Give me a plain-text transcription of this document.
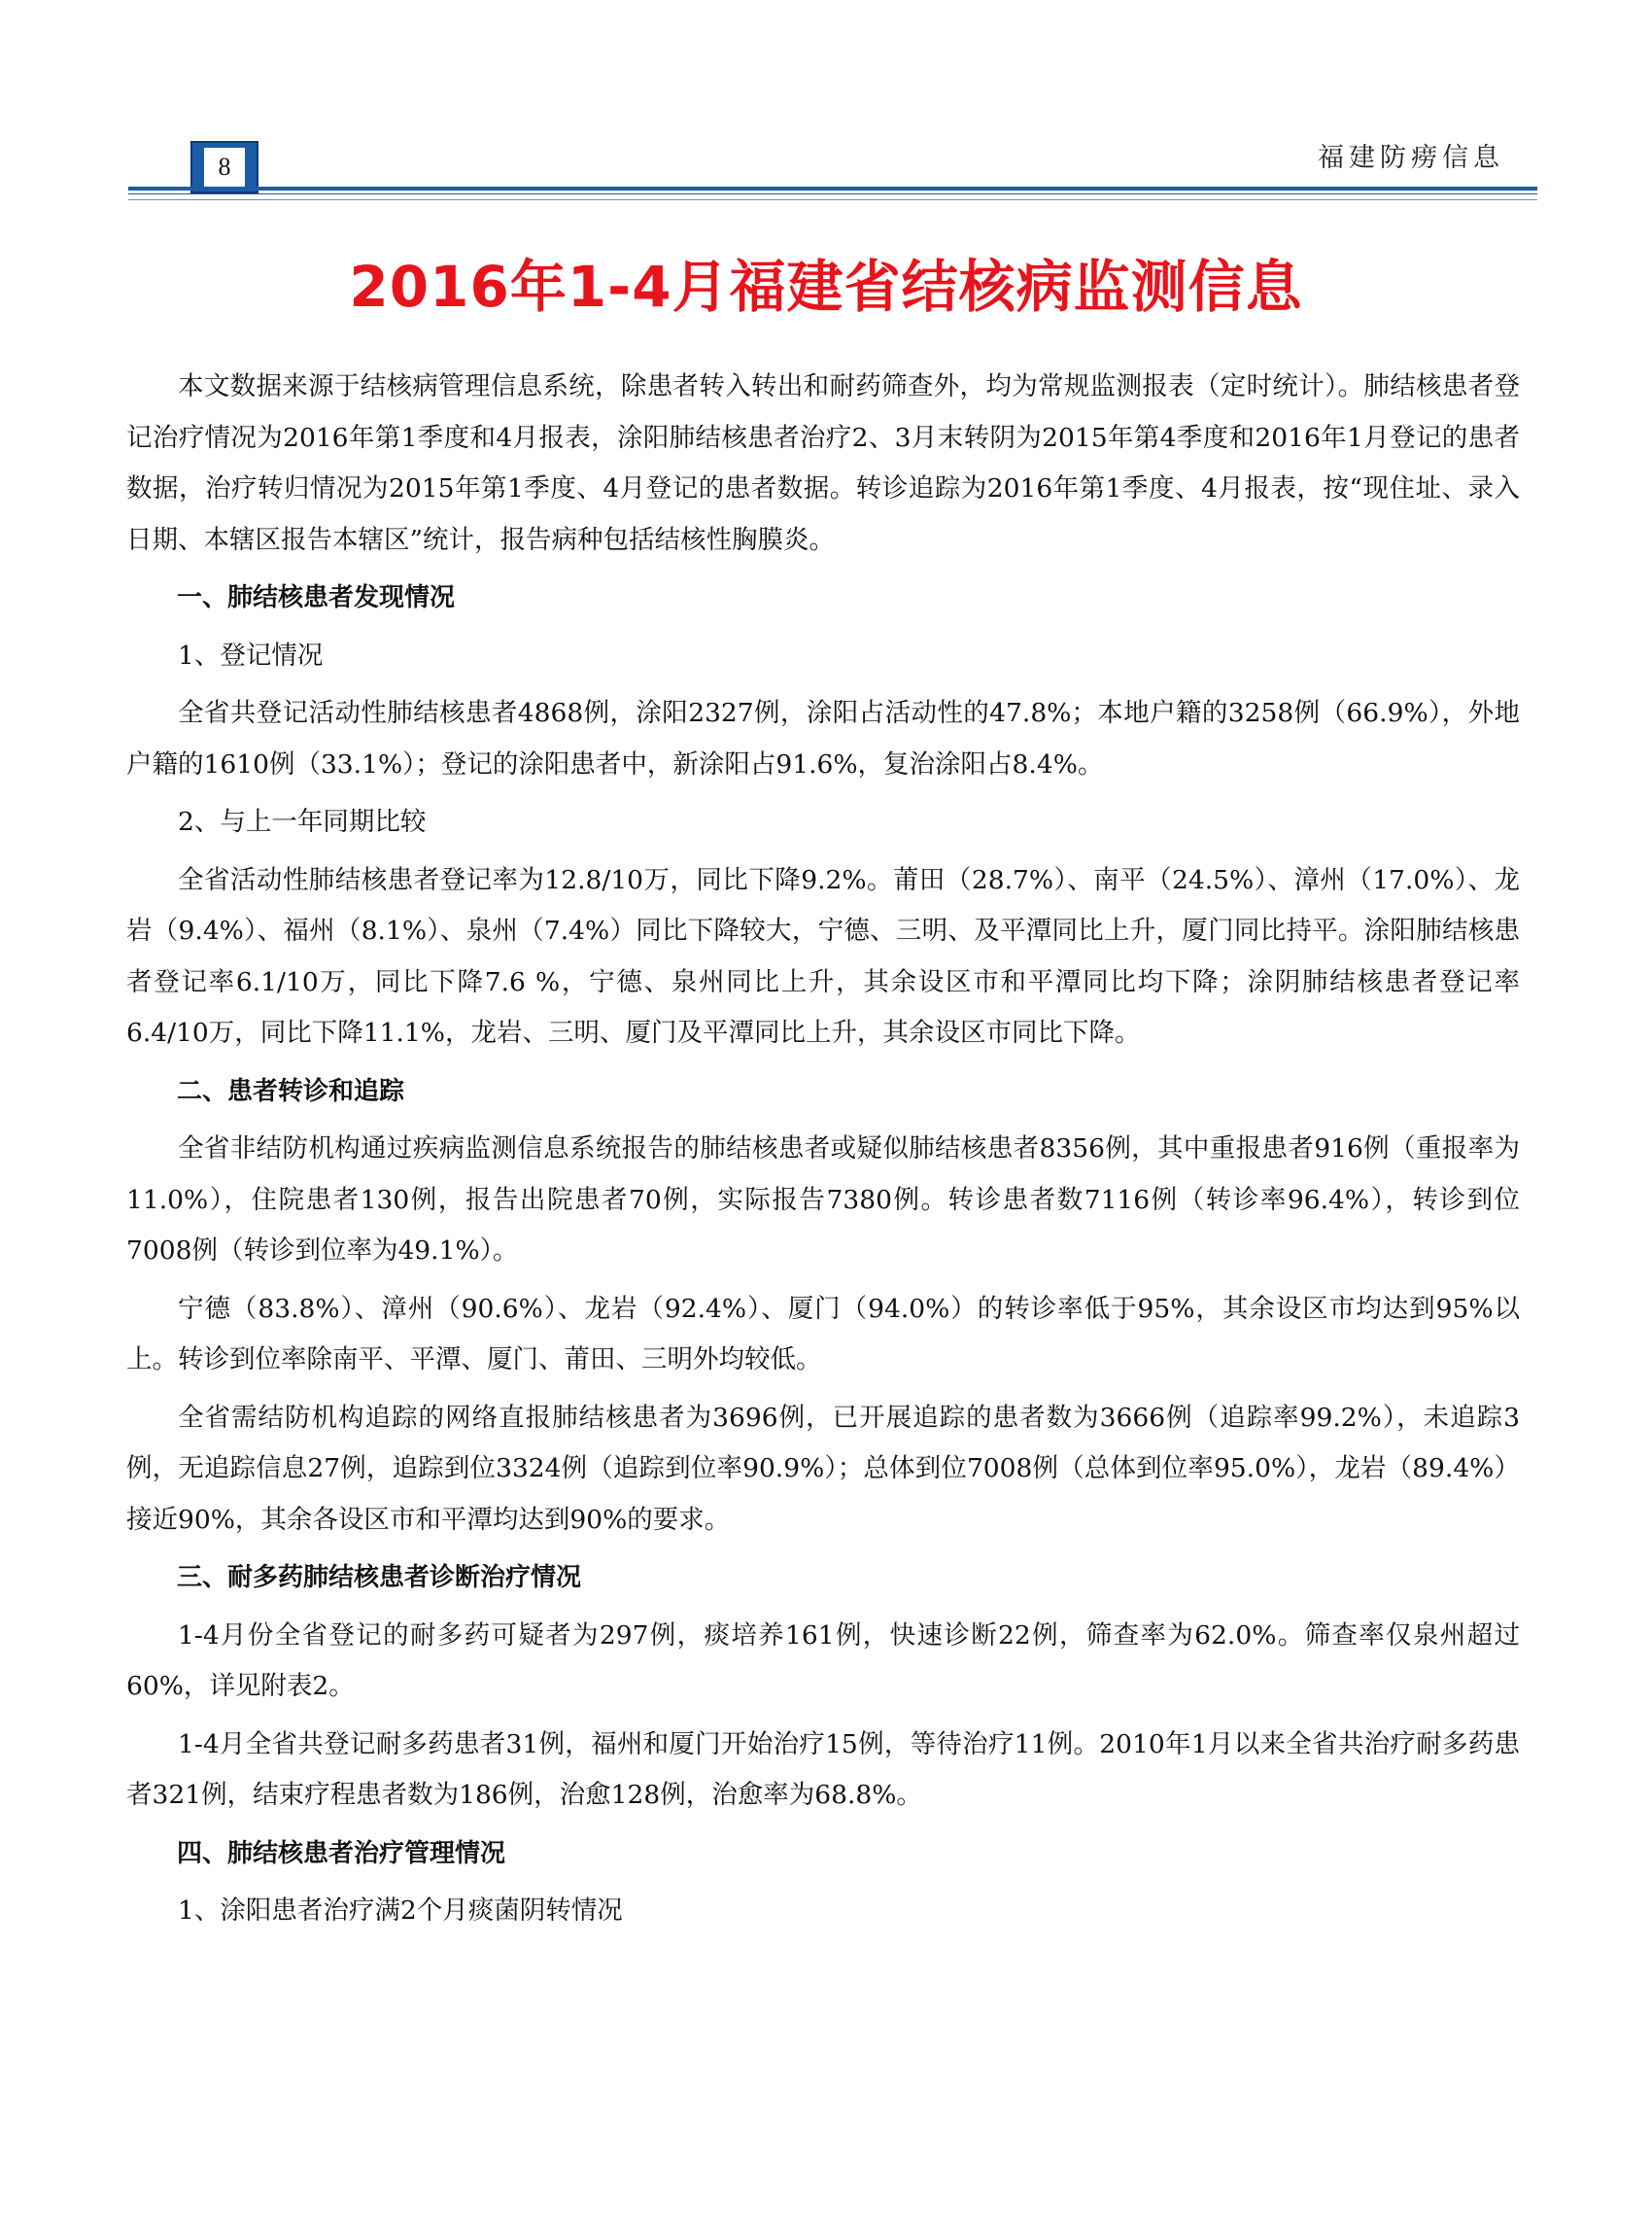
8	福建防痨信息
2016年1-4月福建省结核病监测信息

本文数据来源于结核病管理信息系统，除患者转入转出和耐药筛查外，均为常规监测报表（定时统计）。肺结核患者登记治疗情况为2016年第1季度和4月报表，涂阳肺结核患者治疗2、3月末转阴为2015年第4季度和2016年1月登记的患者数据，治疗转归情况为2015年第1季度、4月登记的患者数据。转诊追踪为2016年第1季度、4月报表，按“现住址、录入日期、本辖区报告本辖区”统计，报告病种包括结核性胸膜炎。

一、肺结核患者发现情况

1、登记情况

全省共登记活动性肺结核患者4868例，涂阳2327例，涂阳占活动性的47.8%；本地户籍的3258例（66.9%），外地户籍的1610例（33.1%）；登记的涂阳患者中，新涂阳占91.6%，复治涂阳占8.4%。

2、与上一年同期比较

全省活动性肺结核患者登记率为12.8/10万，同比下降9.2%。莆田（28.7%）、南平（24.5%）、漳州（17.0%）、龙岩（9.4%）、福州（8.1%）、泉州（7.4%）同比下降较大，宁德、三明、及平潭同比上升，厦门同比持平。涂阳肺结核患者登记率6.1/10万，同比下降7.6 %，宁德、泉州同比上升，其余设区市和平潭同比均下降；涂阴肺结核患者登记率6.4/10万，同比下降11.1%，龙岩、三明、厦门及平潭同比上升，其余设区市同比下降。

二、患者转诊和追踪

全省非结防机构通过疾病监测信息系统报告的肺结核患者或疑似肺结核患者8356例，其中重报患者916例（重报率为11.0%），住院患者130例，报告出院患者70例，实际报告7380例。转诊患者数7116例（转诊率96.4%），转诊到位7008例（转诊到位率为49.1%）。

宁德（83.8%）、漳州（90.6%）、龙岩（92.4%）、厦门（94.0%）的转诊率低于95%，其余设区市均达到95%以上。转诊到位率除南平、平潭、厦门、莆田、三明外均较低。

全省需结防机构追踪的网络直报肺结核患者为3696例，已开展追踪的患者数为3666例（追踪率99.2%），未追踪3例，无追踪信息27例，追踪到位3324例（追踪到位率90.9%）；总体到位7008例（总体到位率95.0%），龙岩（89.4%）接近90%，其余各设区市和平潭均达到90%的要求。

三、耐多药肺结核患者诊断治疗情况

1-4月份全省登记的耐多药可疑者为297例，痰培养161例，快速诊断22例，筛查率为62.0%。筛查率仅泉州超过60%，详见附表2。

1-4月全省共登记耐多药患者31例，福州和厦门开始治疗15例，等待治疗11例。2010年1月以来全省共治疗耐多药患者321例，结束疗程患者数为186例，治愈128例，治愈率为68.8%。

四、肺结核患者治疗管理情况

1、涂阳患者治疗满2个月痰菌阴转情况
